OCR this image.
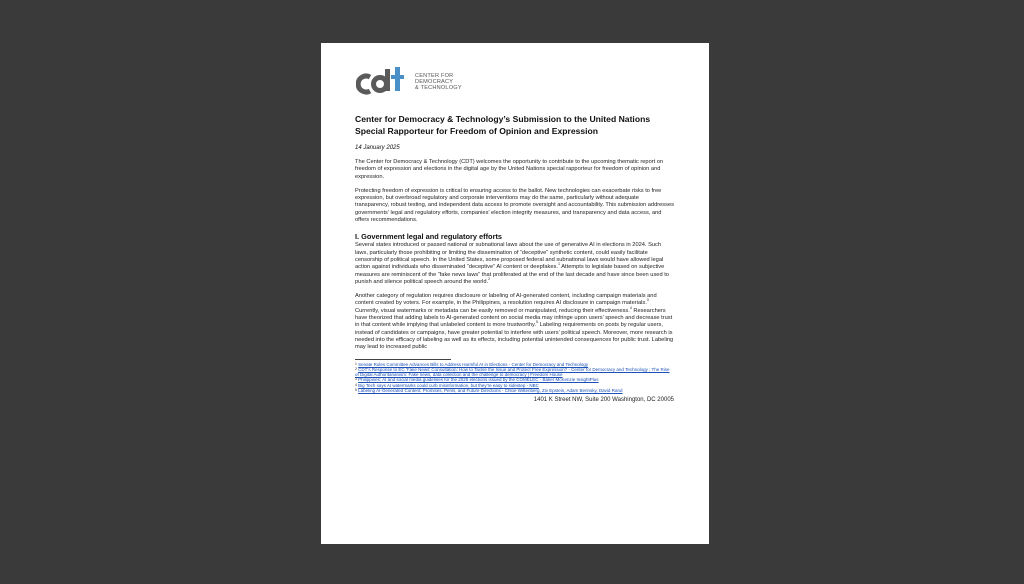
CENTER FOR
DEMOCRACY
& TECHNOLOGY
Center for Democracy & Technology’s Submission to the United Nations Special Rapporteur for Freedom of Opinion and Expression
14 January 2025

The Center for Democracy & Technology (CDT) welcomes the opportunity to contribute to the upcoming thematic report on freedom of expression and elections in the digital age by the United Nations special rapporteur for freedom of opinion and expression.

Protecting freedom of expression is critical to ensuring access to the ballot. New technologies can exacerbate risks to free expression, but overbroad regulatory and corporate interventions may do the same, particularly without adequate transparency, robust testing, and independent data access to promote oversight and accountability. This submission addresses governments’ legal and regulatory efforts, companies’ election integrity measures, and transparency and data access, and offers recommendations.

I. Government legal and regulatory efforts

Several states introduced or passed national or subnational laws about the use of generative AI in elections in 2024. Such laws, particularly those prohibiting or limiting the dissemination of “deceptive” synthetic content, could easily facilitate censorship of political speech. In the United States, some proposed federal and subnational laws would have allowed legal action against individuals who disseminated “deceptive” AI content or deepfakes.$^1$ Attempts to legislate based on subjective measures are reminiscent of the “fake news laws” that proliferated at the end of the last decade and have since been used to punish and silence political speech around the world.$^2$

Another category of regulation requires disclosure or labeling of AI-generated content, including campaign materials and content created by voters. For example, in the Philippines, a resolution requires AI disclosure in campaign materials.$^3$ Currently, visual watermarks or metadata can be easily removed or manipulated, reducing their effectiveness.$^4$ Researchers have theorized that adding labels to AI-generated content on social media may infringe upon users’ speech and decrease trust in that content while implying that unlabeled content is more trustworthy.$^5$ Labeling requirements on posts by regular users, instead of candidates or campaigns, have greater potential to interfere with users’ political speech. Moreover, more research is needed into the efficacy of labeling as well as its effects, including potential unintended consequences for public trust. Labeling may lead to increased public

$^1$ Senate Rules Committee Advances Bills to Address Harmful AI in Elections - Center for Democracy and Technology
$^2$ CDT’s Response to EC ‘Fake News’ Consultation: How to Tackle the Issue and Protect Free Expression? - Center for Democracy and Technology ; The Rise of Digital Authoritarianism: Fake news, data collection and the challenge to democracy | Freedom House
$^3$ Philippines: AI and social media guidelines for the 2025 elections issued by the COMELEC - Baker McKenzie InsightPlus
$^4$ Big Tech says AI watermarks could curb misinformation, but they’re easy to sidestep - NBC
$^5$ Labeling AI-Generated Content: Promises, Perils, and Future Directions - Chloe Wittenberg, Ziv Epstein, Adam Berinsky, David Rand
1401 K Street NW, Suite 200 Washington, DC 20005
